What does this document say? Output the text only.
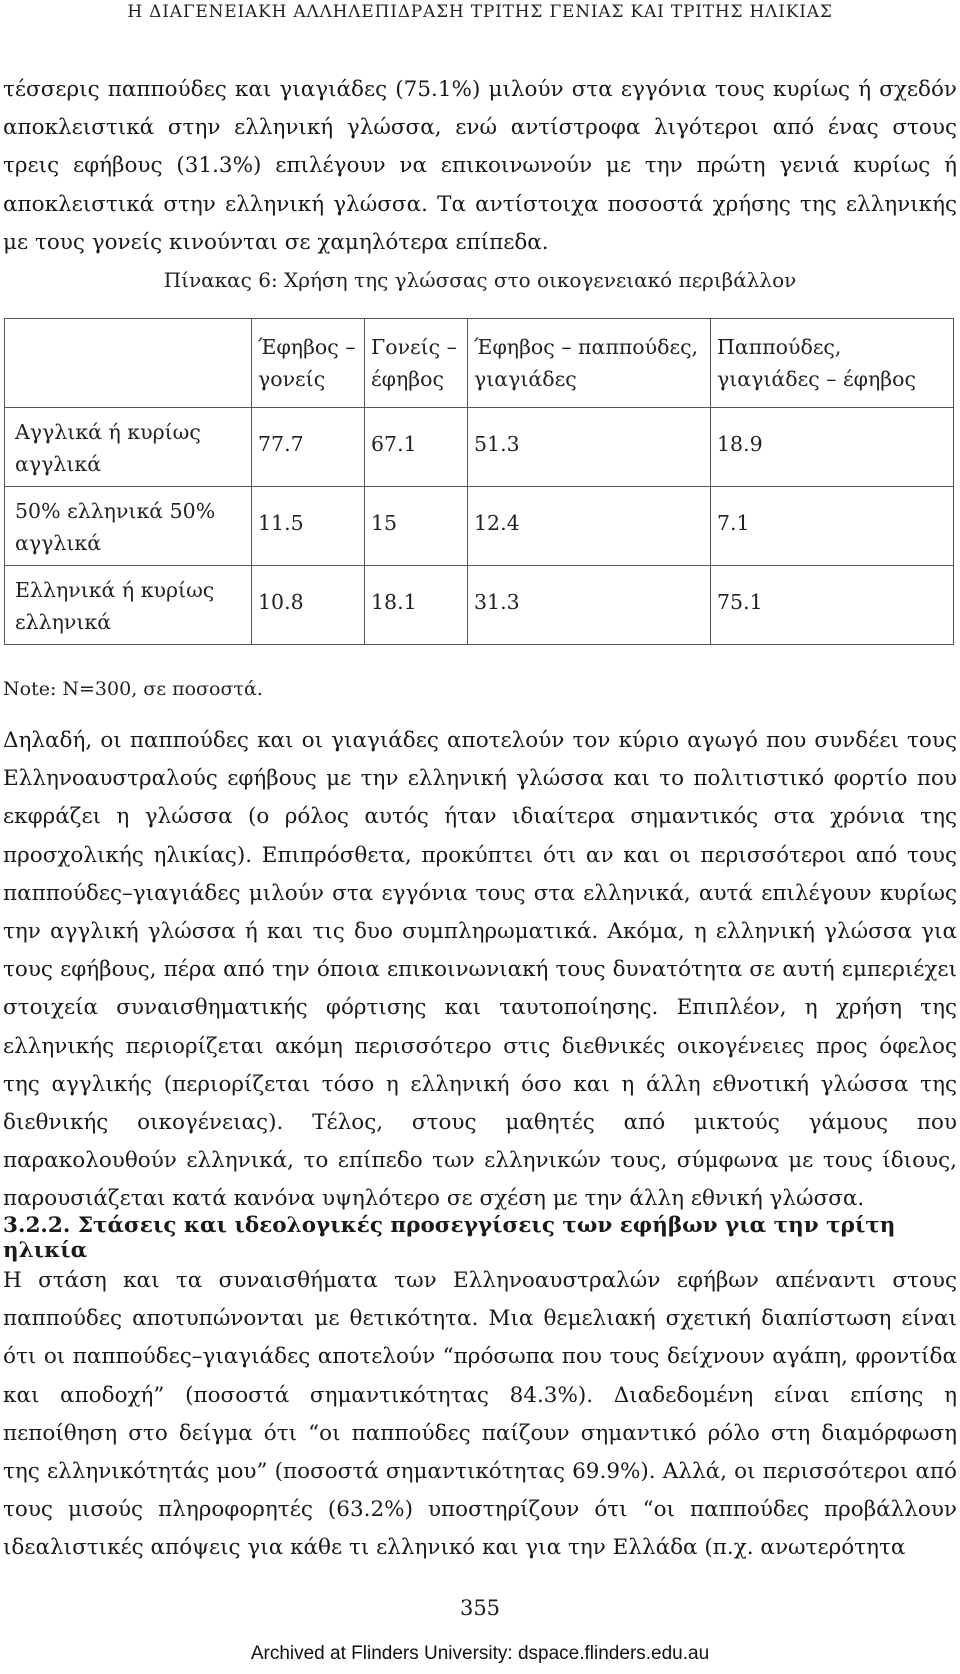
Η ΔΙΑΓΕΝΕΙΑΚΗ ΑΛΛΗΛΕΠΙΔΡΑΣΗ ΤΡΙΤΗΣ ΓΕΝΙΑΣ ΚΑΙ ΤΡΙΤΗΣ ΗΛΙΚΙΑΣ

τέσσερις παππούδες και γιαγιάδες (75.1%) μιλούν στα εγγόνια τους κυρίως ή σχεδόν αποκλειστικά στην ελληνική γλώσσα, ενώ αντίστροφα λιγότεροι από ένας στους τρεις εφήβους (31.3%) επιλέγουν να επικοινωνούν με την πρώτη γενιά κυρίως ή αποκλειστικά στην ελληνική γλώσσα. Τα αντίστοιχα ποσοστά χρήσης της ελληνικής με τους γονείς κινούνται σε χαμηλότερα επίπεδα.

Πίνακας 6: Χρήση της γλώσσας στο οικογενειακό περιβάλλον
	Έφηβος – γονείς	Γονείς – έφηβος	Έφηβος – παππούδες, γιαγιάδες	Παππούδες, γιαγιάδες – έφηβος
Αγγλικά ή κυρίως αγγλικά	77.7	67.1	51.3	18.9
50% ελληνικά 50% αγγλικά	11.5	15	12.4	7.1
Ελληνικά ή κυρίως ελληνικά	10.8	18.1	31.3	75.1
Note: N=300, σε ποσοστά.

Δηλαδή, οι παππούδες και οι γιαγιάδες αποτελούν τον κύριο αγωγό που συνδέει τους Ελληνοαυστραλούς εφήβους με την ελληνική γλώσσα και το πολιτιστικό φορτίο που εκφράζει η γλώσσα (ο ρόλος αυτός ήταν ιδιαίτερα σημαντικός στα χρόνια της προσχολικής ηλικίας). Επιπρόσθετα, προκύπτει ότι αν και οι περισσότεροι από τους παππούδες–γιαγιάδες μιλούν στα εγγόνια τους στα ελληνικά, αυτά επιλέγουν κυρίως την αγγλική γλώσσα ή και τις δυο συμπληρωματικά. Ακόμα, η ελληνική γλώσσα για τους εφήβους, πέρα από την όποια επικοινωνιακή τους δυνατότητα σε αυτή εμπεριέχει στοιχεία συναισθηματικής φόρτισης και ταυτοποίησης. Επιπλέον, η χρήση της ελληνικής περιορίζεται ακόμη περισσότερο στις διεθνικές οικογένειες προς όφελος της αγγλικής (περιορίζεται τόσο η ελληνική όσο και η άλλη εθνοτική γλώσσα της διεθνικής οικογένειας). Τέλος, στους μαθητές από μικτούς γάμους που παρακολουθούν ελληνικά, το επίπεδο των ελληνικών τους, σύμφωνα με τους ίδιους, παρουσιάζεται κατά κανόνα υψηλότερο σε σχέση με την άλλη εθνική γλώσσα.

3.2.2. Στάσεις και ιδεολογικές προσεγγίσεις των εφήβων για την τρίτη ηλικία

Η στάση και τα συναισθήματα των Ελληνοαυστραλών εφήβων απέναντι στους παππούδες αποτυπώνονται με θετικότητα. Μια θεμελιακή σχετική διαπίστωση είναι ότι οι παππούδες–γιαγιάδες αποτελούν “πρόσωπα που τους δείχνουν αγάπη, φροντίδα και αποδοχή” (ποσοστά σημαντικότητας 84.3%). Διαδεδομένη είναι επίσης η πεποίθηση στο δείγμα ότι “οι παππούδες παίζουν σημαντικό ρόλο στη διαμόρφωση της ελληνικότητάς μου” (ποσοστά σημαντικότητας 69.9%). Αλλά, οι περισσότεροι από τους μισούς πληροφορητές (63.2%) υποστηρίζουν ότι “οι παππούδες προβάλλουν ιδεαλιστικές απόψεις για κάθε τι ελληνικό και για την Ελλάδα (π.χ. ανωτερότητα

355
Archived at Flinders University: dspace.flinders.edu.au
